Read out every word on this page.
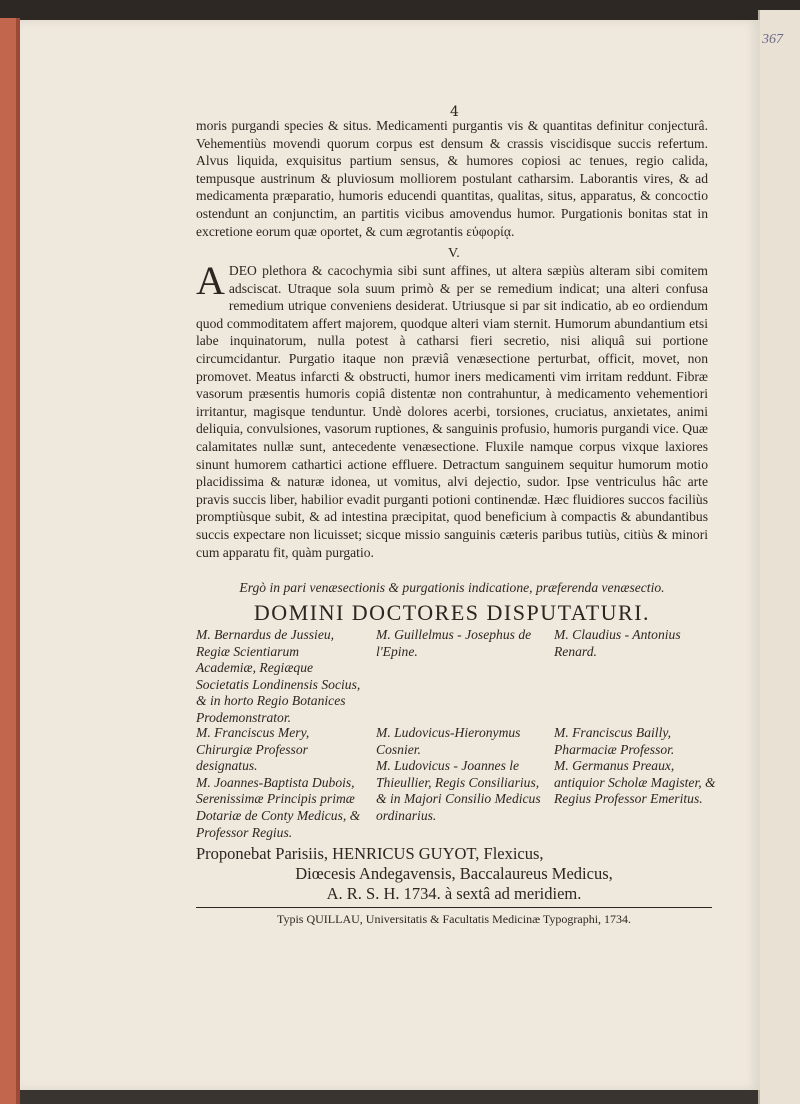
367
4

moris purgandi species & situs. Medicamenti purgantis vis & quantitas definitur conjecturâ. Vehementiùs movendi quorum corpus est densum & crassis viscidisque succis refertum. Alvus liquida, exquisitus partium sensus, & humores copiosi ac tenues, regio calida, tempusque austrinum & pluviosum molliorem postulant catharsim. Laborantis vires, & ad medicamenta præparatio, humoris educendi quantitas, qualitas, situs, apparatus, & concoctio ostendunt an conjunctim, an partitis vicibus amovendus humor. Purgationis bonitas stat in excretione eorum quæ oportet, & cum ægrotantis εὐφορίᾳ.

V.

ADEO plethora & cacochymia sibi sunt affines, ut altera sæpiùs alteram sibi comitem adsciscat. Utraque sola suum primò & per se remedium indicat; una alteri confusa remedium utrique conveniens desiderat. Utriusque si par sit indicatio, ab eo ordiendum quod commoditatem affert majorem, quodque alteri viam sternit. Humorum abundantium etsi labe inquinatorum, nulla potest à catharsi fieri secretio, nisi aliquâ sui portione circumcidantur. Purgatio itaque non præviâ venæsectione perturbat, officit, movet, non promovet. Meatus infarcti & obstructi, humor iners medicamenti vim irritam reddunt. Fibræ vasorum præsentis humoris copiâ distentæ non contrahuntur, à medicamento vehementiori irritantur, magisque tenduntur. Undè dolores acerbi, torsiones, cruciatus, anxietates, animi deliquia, convulsiones, vasorum ruptiones, & sanguinis profusio, humoris purgandi vice. Quæ calamitates nullæ sunt, antecedente venæsectione. Fluxile namque corpus vixque laxiores sinunt humorem cathartici actione effluere. Detractum sanguinem sequitur humorum motio placidissima & naturæ idonea, ut vomitus, alvi dejectio, sudor. Ipse ventriculus hâc arte pravis succis liber, habilior evadit purganti potioni continendæ. Hæc fluidiores succos faciliùs promptiùsque subit, & ad intestina præcipitat, quod beneficium à compactis & abundantibus succis expectare non licuisset; sicque missio sanguinis cæteris paribus tutiùs, citiùs & minori cum apparatu fit, quàm purgatio.

Ergò in pari venæsectionis & purgationis indicatione, præferenda venæsectio.
DOMINI DOCTORES DISPUTATURI.

M. Bernardus de Jussieu, Regiæ Scientiarum Academiæ, Regiæque Societatis Londinensis Socius, & in horto Regio Botanices Prodemonstrator.

M. Guillelmus - Josephus de l'Epine.

M. Claudius - Antonius Renard.

M. Franciscus Mery, Chirurgiæ Professor designatus.

M. Joannes-Baptista Dubois, Serenissimæ Principis primæ Dotariæ de Conty Medicus, & Professor Regius.

M. Ludovicus-Hieronymus Cosnier.

M. Ludovicus - Joannes le Thieullier, Regis Consiliarius, & in Majori Consilio Medicus ordinarius.

M. Franciscus Bailly, Pharmaciæ Professor.

M. Germanus Preaux, antiquior Scholæ Magister, & Regius Professor Emeritus.

Proponebat Parisiis, HENRICUS GUYOT, Flexicus,
Diœcesis Andegavensis, Baccalaureus Medicus,
A. R. S. H. 1734. à sextâ ad meridiem.
Typis QUILLAU, Universitatis & Facultatis Medicinæ Typographi, 1734.
